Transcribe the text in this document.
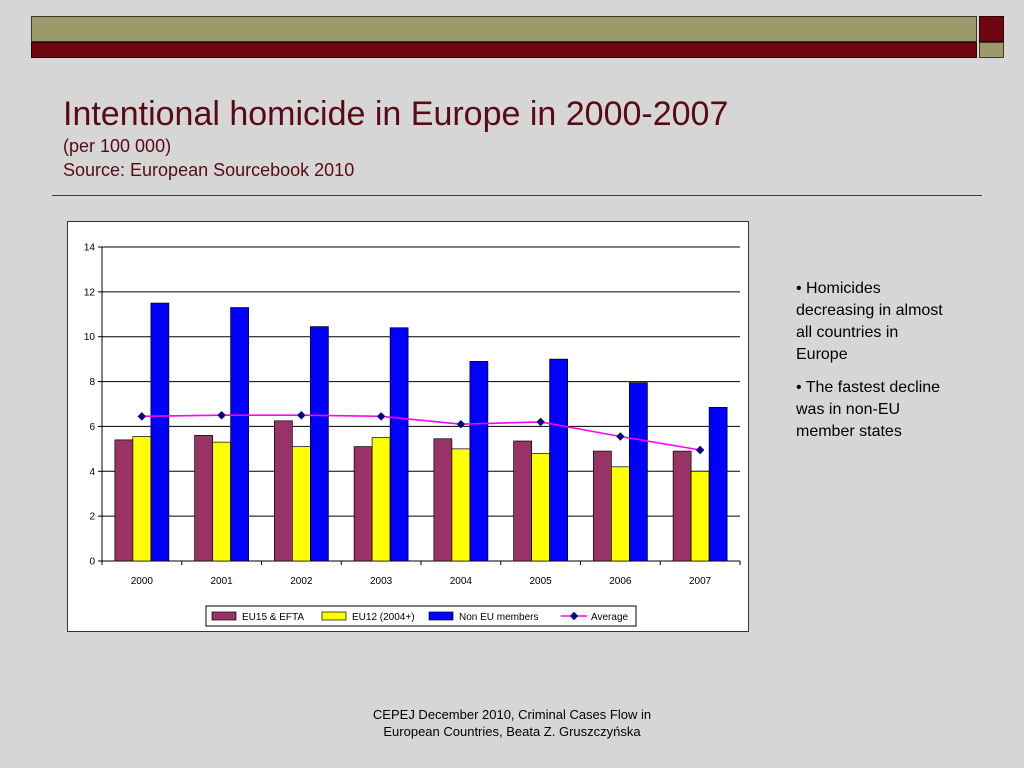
Intentional homicide in Europe in 2000-2007
(per 100 000)
Source: European Sourcebook 2010
0
2
4
6
8
10
12
14
2000	2001	2002	2003	2004	2005	2006	2007
EU15 & EFTA	EU12 (2004+)	Non EU members	Average

• Homicides decreasing in almost all countries in Europe

• The fastest decline was in non-EU member states

CEPEJ December 2010, Criminal Cases Flow in
European Countries, Beata Z. Gruszczyńska
